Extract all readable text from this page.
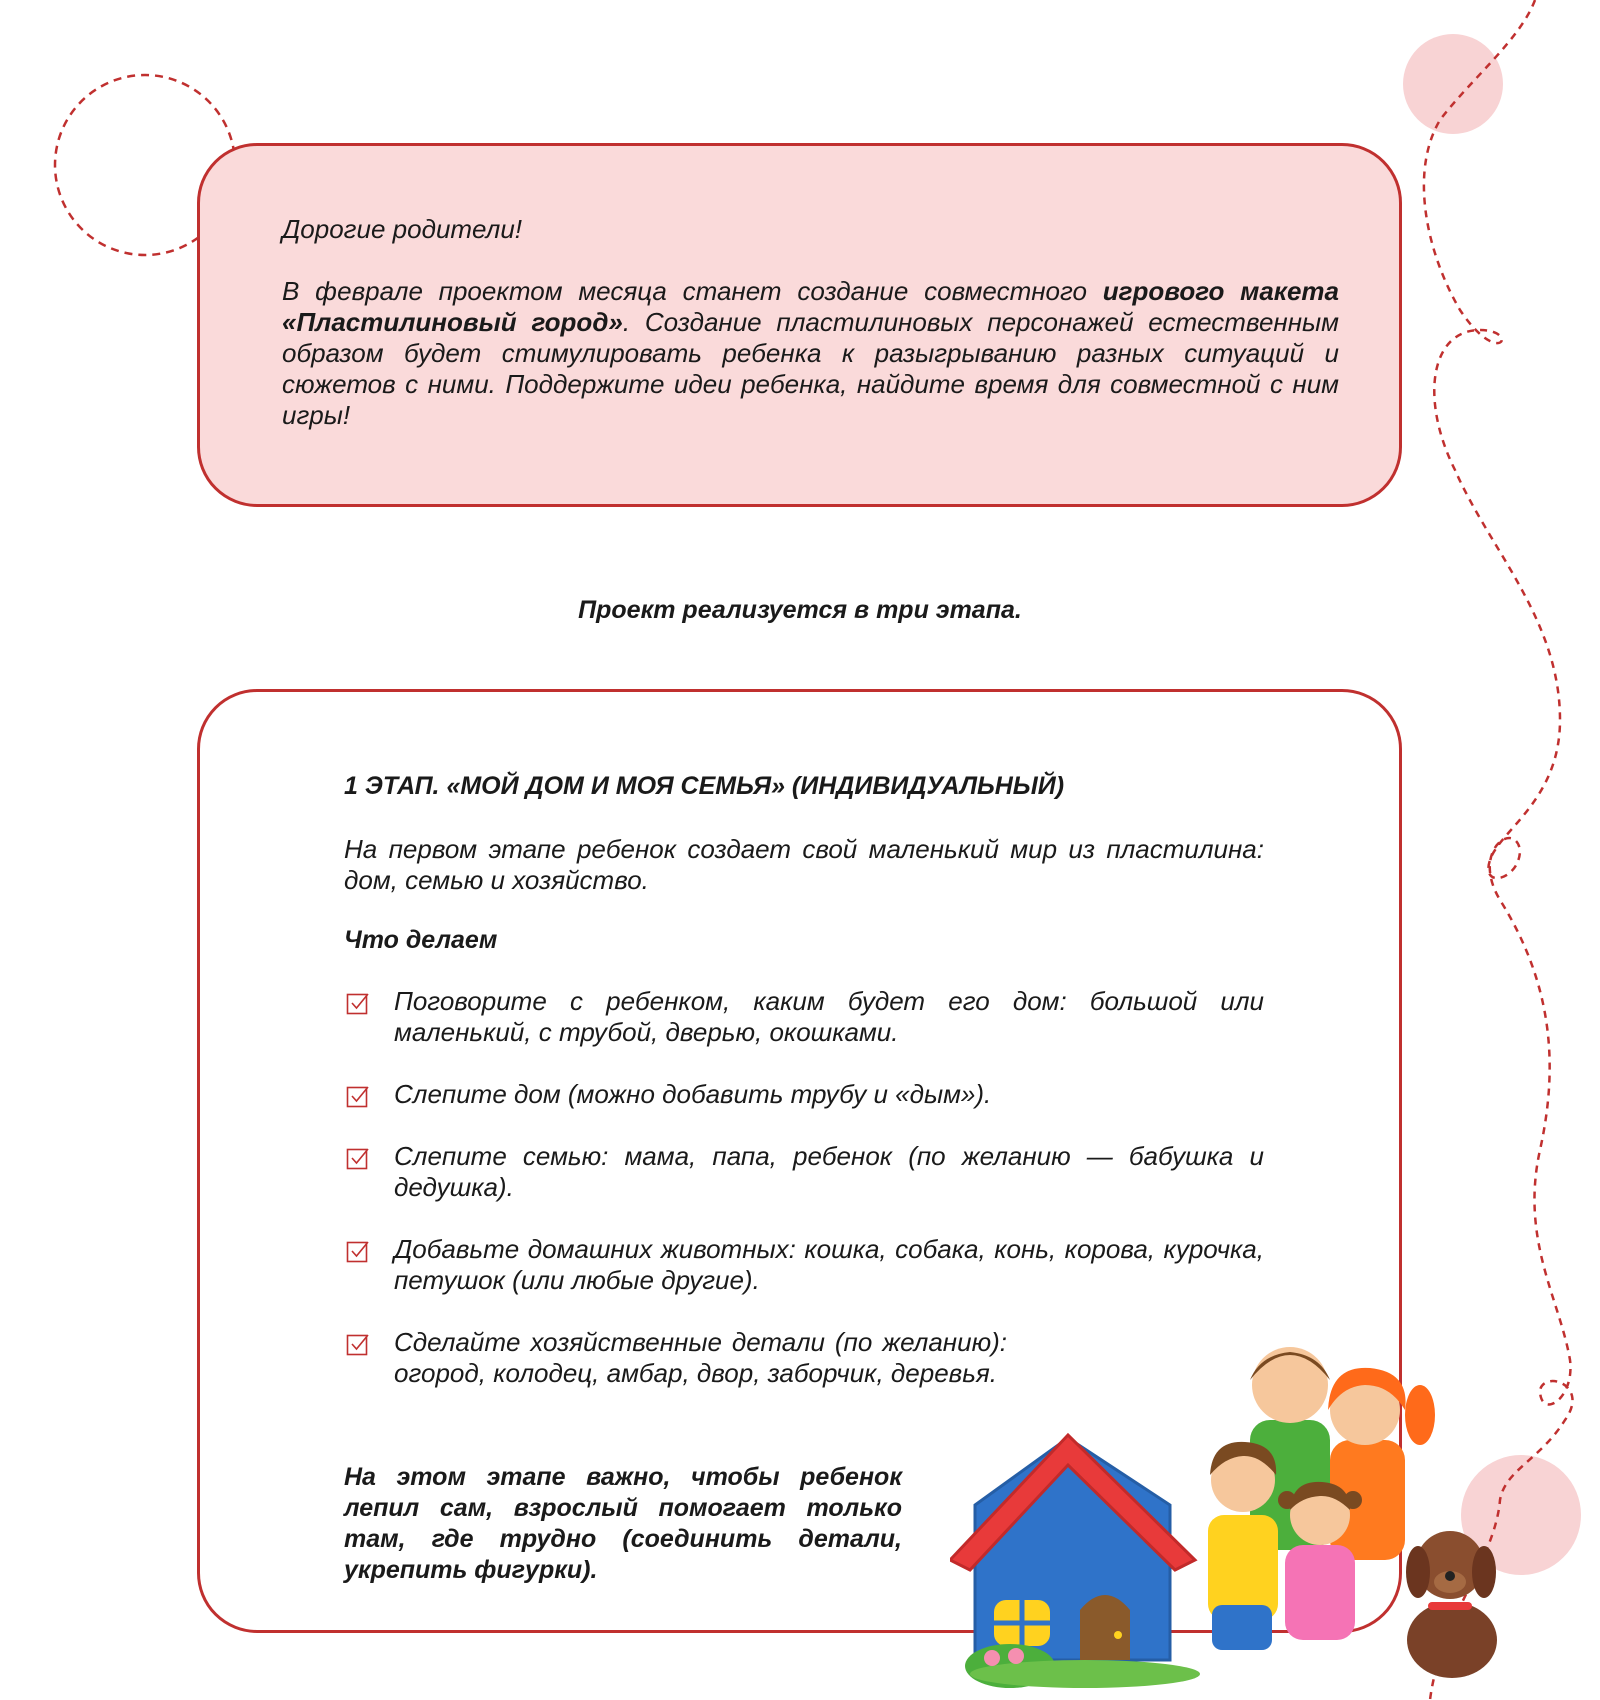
Дорогие родители!

В феврале проектом месяца станет создание совместного игрового макета «Пластилиновый город». Создание пластилиновых персонажей естественным образом будет стимулировать ребенка к разыгрыванию разных ситуаций и сюжетов с ними. Поддержите идеи ребенка, найдите время для совместной с ним игры!

Проект реализуется в три этапа.
1 ЭТАП. «МОЙ ДОМ И МОЯ СЕМЬЯ» (ИНДИВИДУАЛЬНЫЙ)
На первом этапе ребенок создает свой маленький мир из пластилина: дом, семью и хозяйство.
Что делаем
Поговорите с ребенком, каким будет его дом: большой или маленький, с трубой, дверью, окошками.
Слепите дом (можно добавить трубу и «дым»).
Слепите семью: мама, папа, ребенок (по желанию — бабушка и дедушка).
Добавьте домашних животных: кошка, собака, конь, корова, курочка, петушок (или любые другие).
Сделайте хозяйственные детали (по желанию): огород, колодец, амбар, двор, заборчик, деревья.
На этом этапе важно, чтобы ребенок лепил сам, взрослый помогает только там, где трудно (соединить детали, укрепить фигурки).
